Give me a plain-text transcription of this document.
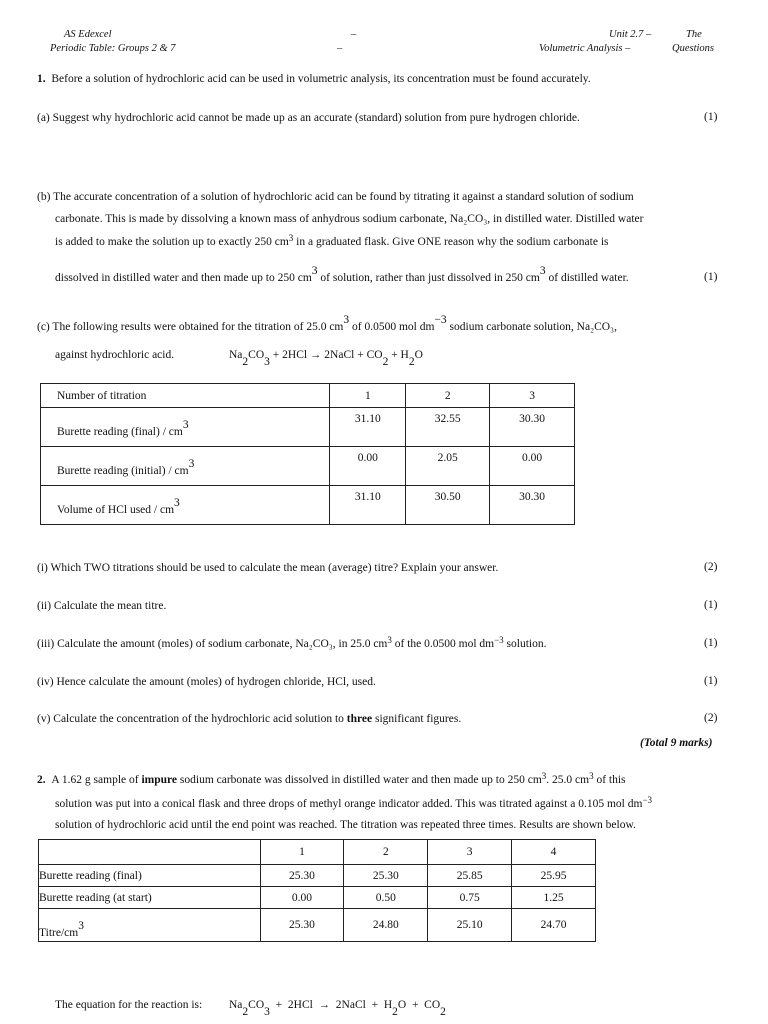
AS Edexcel
Periodic Table: Groups 2 & 7
–
–
Unit 2.7 –	The
Volumetric Analysis –	Questions
1. Before a solution of hydrochloric acid can be used in volumetric analysis, its concentration must be found accurately.
(a) Suggest why hydrochloric acid cannot be made up as an accurate (standard) solution from pure hydrogen chloride.	(1)
(b) The accurate concentration of a solution of hydrochloric acid can be found by titrating it against a standard solution of sodium
carbonate. This is made by dissolving a known mass of anhydrous sodium carbonate, Na₂CO₃, in distilled water. Distilled water
is added to make the solution up to exactly 250 $cm^3$ in a graduated flask. Give ONE reason why the sodium carbonate is
dissolved in distilled water and then made up to 250 cm3 of solution, rather than just dissolved in 250 cm3 of distilled water.	(1)
(c) The following results were obtained for the titration of 25.0 cm3 of 0.0500 mol dm−3 sodium carbonate solution, Na₂CO₃,
against hydrochloric acid.	Na2CO3 + 2HCl → 2NaCl + CO2 + H2O
Number of titration	1	2	3
Burette reading (final) / cm3	31.10	32.55	30.30
Burette reading (initial) / cm3	0.00	2.05	0.00
Volume of HCl used / cm3	31.10	30.50	30.30
(i) Which TWO titrations should be used to calculate the mean (average) titre? Explain your answer.	(2)
(ii) Calculate the mean titre.	(1)
(iii) Calculate the amount (moles) of sodium carbonate, Na₂CO₃, in 25.0 $cm^3$ of the 0.0500 mol $dm^{-3}$ solution.	(1)
(iv) Hence calculate the amount (moles) of hydrogen chloride, HCl, used.	(1)
(v) Calculate the concentration of the hydrochloric acid solution to three significant figures.	(2)
(Total 9 marks)
2. A 1.62 g sample of impure sodium carbonate was dissolved in distilled water and then made up to 250 $cm^3$. 25.0 $cm^3$ of this
solution was put into a conical flask and three drops of methyl orange indicator added. This was titrated against a 0.105 mol $dm^{-3}$
solution of hydrochloric acid until the end point was reached. The titration was repeated three times. Results are shown below.
	1	2	3	4
Burette reading (final)	25.30	25.30	25.85	25.95
Burette reading (at start)	0.00	0.50	0.75	1.25
Titre/cm3	25.30	24.80	25.10	24.70
The equation for the reaction is: Na2CO3  +  2HCl  →  2NaCl  +  H2O  +  CO2
